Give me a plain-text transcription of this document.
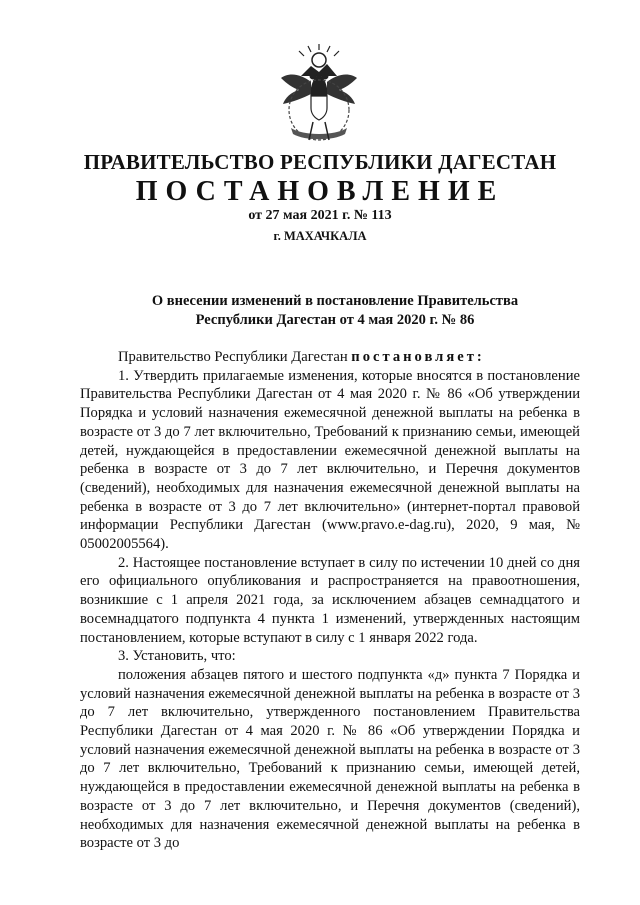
ПРАВИТЕЛЬСТВО РЕСПУБЛИКИ ДАГЕСТАН
ПОСТАНОВЛЕНИЕ
от 27 мая 2021 г. № 113
г. МАХАЧКАЛА
О внесении изменений в постановление Правительства
Республики Дагестан от 4 мая 2020 г. № 86

Правительство Республики Дагестан постановляет:

1. Утвердить прилагаемые изменения, которые вносятся в постановление Правительства Республики Дагестан от 4 мая 2020 г. № 86 «Об утверждении Порядка и условий назначения ежемесячной денежной выплаты на ребенка в возрасте от 3 до 7 лет включительно, Требований к признанию семьи, имеющей детей, нуждающейся в предоставлении ежемесячной денежной выплаты на ребенка в возрасте от 3 до 7 лет включительно, и Перечня документов (сведений), необходимых для назначения ежемесячной денежной выплаты на ребенка в возрасте от 3 до 7 лет включительно» (интернет-портал правовой информации Республики Дагестан (www.pravo.e-dag.ru), 2020, 9 мая, № 05002005564).

2. Настоящее постановление вступает в силу по истечении 10 дней со дня его официального опубликования и распространяется на правоотношения, возникшие с 1 апреля 2021 года, за исключением абзацев семнадцатого и восемнадцатого подпункта 4 пункта 1 изменений, утвержденных настоящим постановлением, которые вступают в силу с 1 января 2022 года.

3. Установить, что:

положения абзацев пятого и шестого подпункта «д» пункта 7 Порядка и условий назначения ежемесячной денежной выплаты на ребенка в возрасте от 3 до 7 лет включительно, утвержденного постановлением Правительства Республики Дагестан от 4 мая 2020 г. № 86 «Об утверждении Порядка и условий назначения ежемесячной денежной выплаты на ребенка в возрасте от 3 до 7 лет включительно, Требований к признанию семьи, имеющей детей, нуждающейся в предоставлении ежемесячной денежной выплаты на ребенка в возрасте от 3 до 7 лет включительно, и Перечня документов (сведений), необходимых для назначения ежемесячной денежной выплаты на ребенка в возрасте от 3 до
